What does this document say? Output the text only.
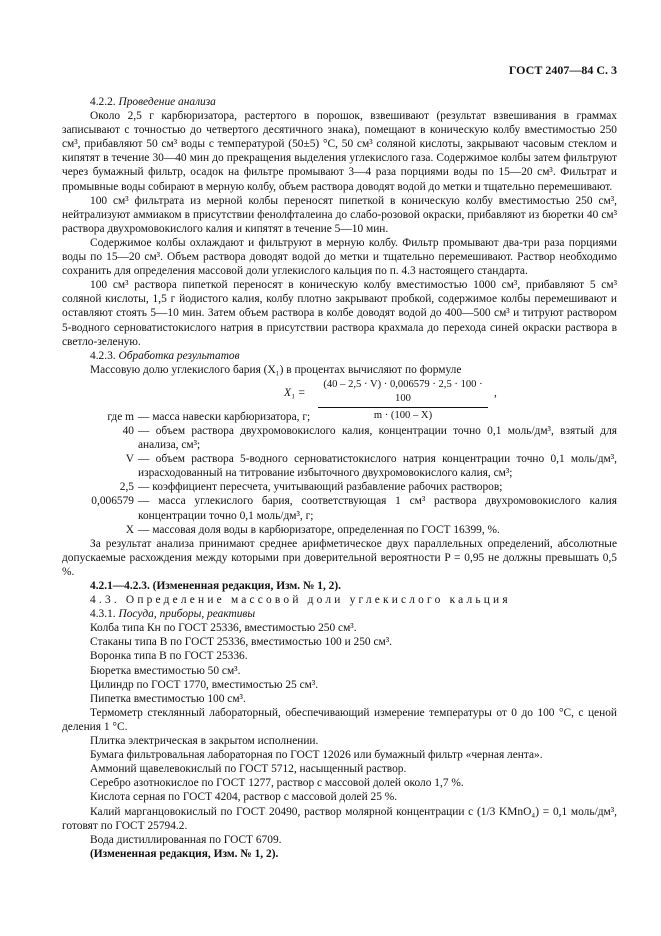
ГОСТ 2407—84 С. 3

4.2.2. Проведение анализа

Около 2,5 г карбюризатора, растертого в порошок, взвешивают (результат взвешивания в граммах записывают с точностью до четвертого десятичного знака), помещают в коническую колбу вместимостью 250 см³, прибавляют 50 см³ воды с температурой (50±5) °С, 50 см³ соляной кислоты, закрывают часовым стеклом и кипятят в течение 30—40 мин до прекращения выделения углекислого газа. Содержимое колбы затем фильтруют через бумажный фильтр, осадок на фильтре промывают 3—4 раза порциями воды по 15—20 см³. Фильтрат и промывные воды собирают в мерную колбу, объем раствора доводят водой до метки и тщательно перемешивают.

100 см³ фильтрата из мерной колбы переносят пипеткой в коническую колбу вместимостью 250 см³, нейтрализуют аммиаком в присутствии фенолфталеина до слабо-розовой окраски, прибавляют из бюретки 40 см³ раствора двухромовокислого калия и кипятят в течение 5—10 мин.

Содержимое колбы охлаждают и фильтруют в мерную колбу. Фильтр промывают два-три раза порциями воды по 15—20 см³. Объем раствора доводят водой до метки и тщательно перемешивают. Раствор необходимо сохранить для определения массовой доли углекислого кальция по п. 4.3 настоящего стандарта.

100 см³ раствора пипеткой переносят в коническую колбу вместимостью 1000 см³, прибавляют 5 см³ соляной кислоты, 1,5 г йодистого калия, колбу плотно закрывают пробкой, содержимое колбы перемешивают и оставляют стоять 5—10 мин. Затем объем раствора в колбе доводят водой до 400—500 см³ и титруют раствором 5-водного серноватистокислого натрия в присутствии раствора крахмала до перехода синей окраски раствора в светло-зеленую.

4.2.3. Обработка результатов

Массовую долю углекислого бария (X₁) в процентах вычисляют по формуле

$X_1 = \frac{(40 - 2,5 \cdot V) \cdot 0,006579 \cdot 2,5 \cdot 100 \cdot 100}{m \cdot (100 - X)}$ ,
где m	— масса навески карбюризатора, г;
40	— объем раствора двухромовокислого калия, концентрации точно 0,1 моль/дм³, взятый для анализа, см³;
V	— объем раствора 5-водного серноватистокислого натрия концентрации точно 0,1 моль/дм³, израсходованный на титрование избыточного двухромовокислого калия, см³;
2,5	— коэффициент пересчета, учитывающий разбавление рабочих растворов;
0,006579	— масса углекислого бария, соответствующая 1 см³ раствора двухромовокислого калия концентрации точно 0,1 моль/дм³, г;
X	— массовая доля воды в карбюризаторе, определенная по ГОСТ 16399, %.

За результат анализа принимают среднее арифметическое двух параллельных определений, абсолютные допускаемые расхождения между которыми при доверительной вероятности P = 0,95 не должны превышать 0,5 %.

4.2.1—4.2.3. (Измененная редакция, Изм. № 1, 2).

4.3. Определение массовой доли углекислого кальция

4.3.1. Посуда, приборы, реактивы

Колба типа Кн по ГОСТ 25336, вместимостью 250 см³.

Стаканы типа В по ГОСТ 25336, вместимостью 100 и 250 см³.

Воронка типа В по ГОСТ 25336.

Бюретка вместимостью 50 см³.

Цилиндр по ГОСТ 1770, вместимостью 25 см³.

Пипетка вместимостью 100 см³.

Термометр стеклянный лабораторный, обеспечивающий измерение температуры от 0 до 100 °С, с ценой деления 1 °С.

Плитка электрическая в закрытом исполнении.

Бумага фильтровальная лабораторная по ГОСТ 12026 или бумажный фильтр «черная лента».

Аммоний щавелевокислый по ГОСТ 5712, насыщенный раствор.

Серебро азотнокислое по ГОСТ 1277, раствор с массовой долей около 1,7 %.

Кислота серная по ГОСТ 4204, раствор с массовой долей 25 %.

Калий марганцовокислый по ГОСТ 20490, раствор молярной концентрации c (1/3 KMnO₄) = 0,1 моль/дм³, готовят по ГОСТ 25794.2.

Вода дистиллированная по ГОСТ 6709.

(Измененная редакция, Изм. № 1, 2).
